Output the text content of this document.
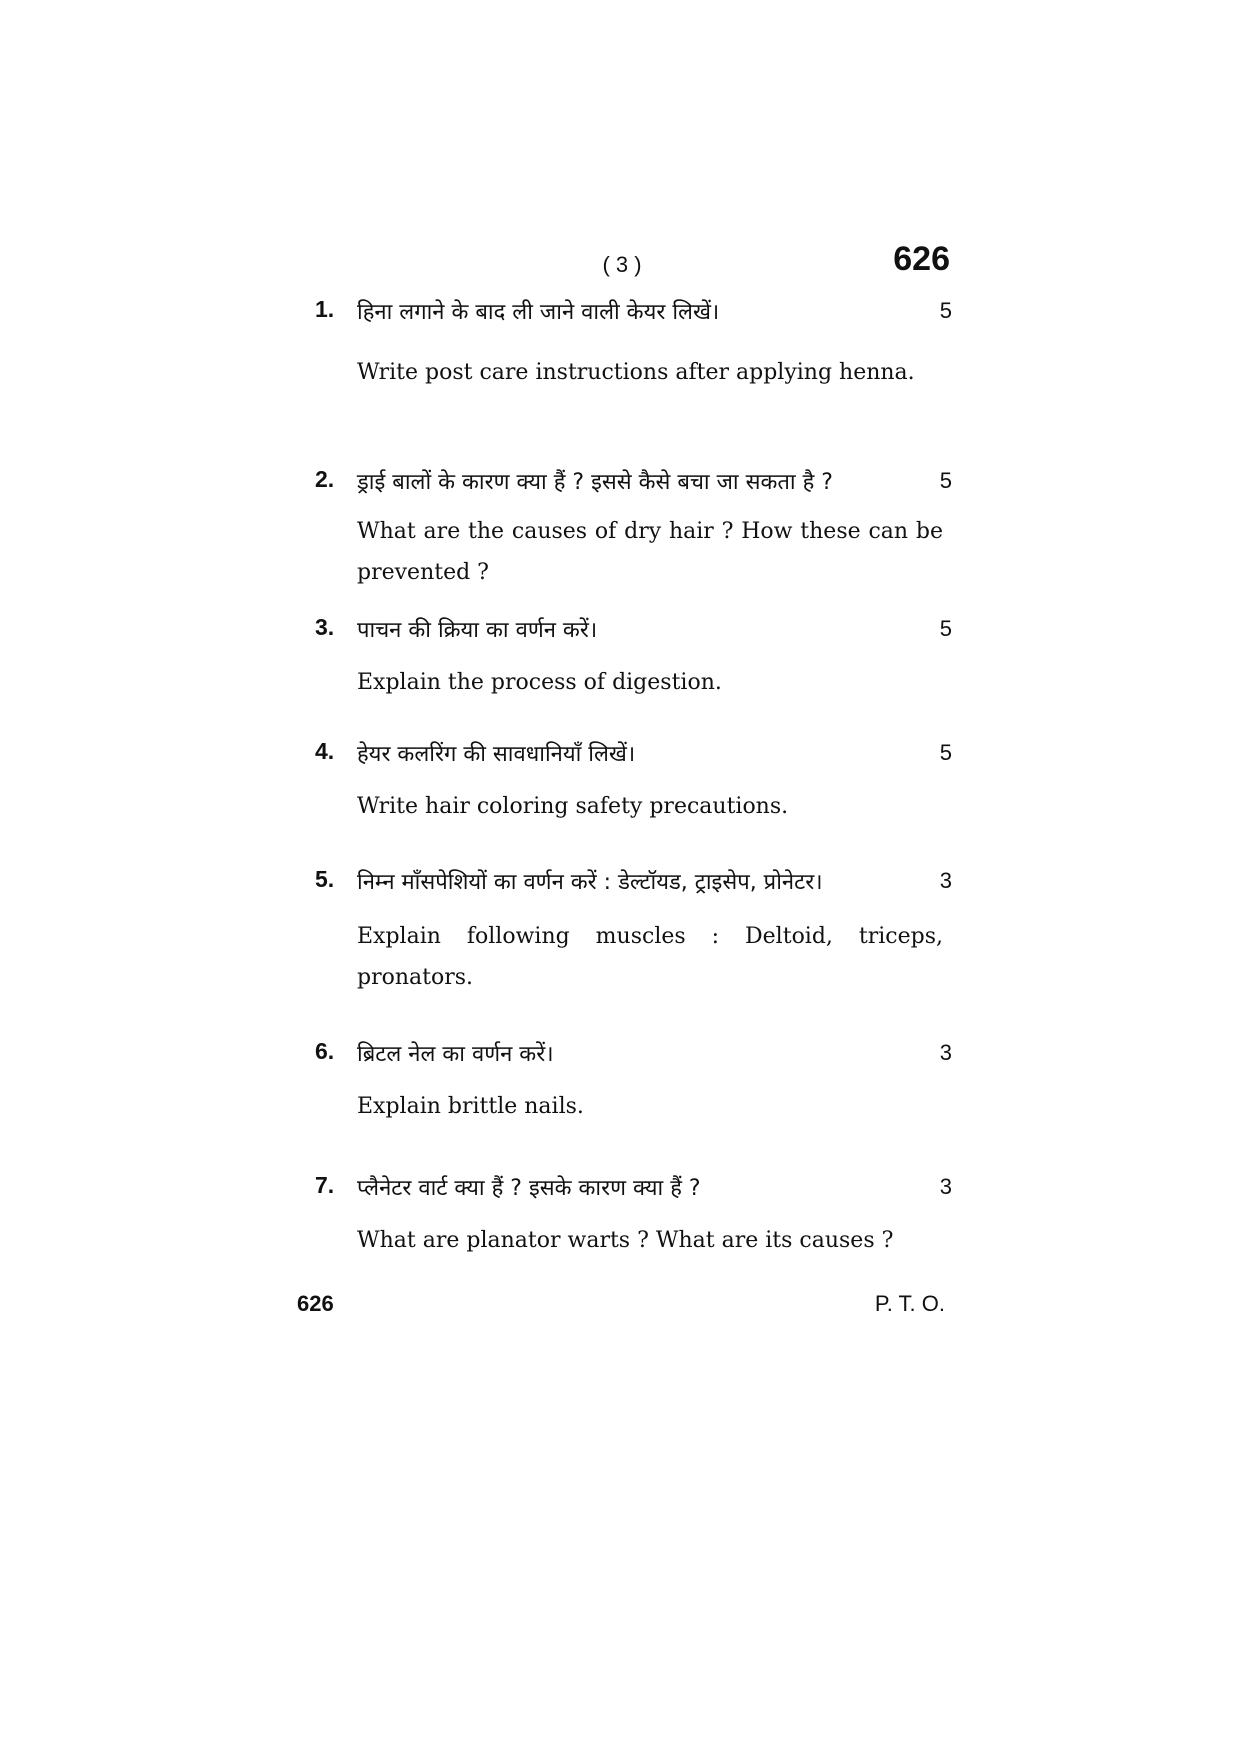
( 3 )	626
1.	हिना लगाने के बाद ली जाने वाली केयर लिखें।	5
Write post care instructions after applying henna.
2.	ड्राई बालों के कारण क्या हैं ? इससे कैसे बचा जा सकता है ?	5
What are the causes of dry hair ? How these can be prevented ?
3.	पाचन की क्रिया का वर्णन करें।	5
Explain the process of digestion.
4.	हेयर कलरिंग की सावधानियाँ लिखें।	5
Write hair coloring safety precautions.
5.	निम्न माँसपेशियों का वर्णन करें : डेल्टॉयड, ट्राइसेप, प्रोनेटर।	3
Explain following muscles : Deltoid, triceps, pronators.
6.	ब्रिटल नेल का वर्णन करें।	3
Explain brittle nails.
7.	प्लैनेटर वार्ट क्या हैं ? इसके कारण क्या हैं ?	3
What are planator warts ? What are its causes ?
626	P. T. O.
